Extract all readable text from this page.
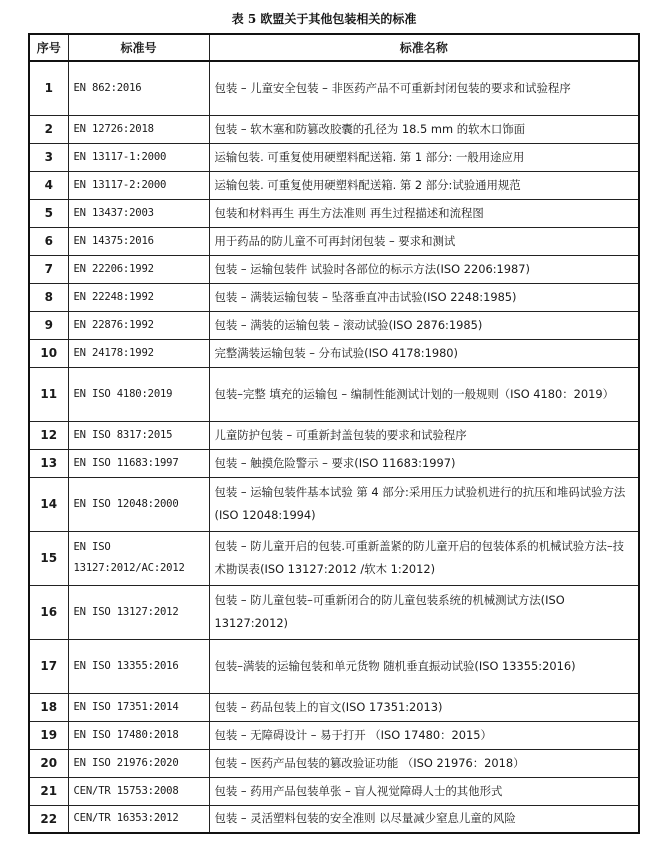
表 5 欧盟关于其他包装相关的标准
序号	标准号	标准名称
1	EN 862:2016	包装 – 儿童安全包装 – 非医药产品不可重新封闭包装的要求和试验程序
2	EN 12726:2018	包装 – 软木塞和防篡改胶囊的孔径为 18.5 mm 的软木口饰面
3	EN 13117-1:2000	运输包装. 可重复使用硬塑料配送箱. 第 1 部分: 一般用途应用
4	EN 13117-2:2000	运输包装. 可重复使用硬塑料配送箱. 第 2 部分:试验通用规范
5	EN 13437:2003	包装和材料再生 再生方法准则 再生过程描述和流程图
6	EN 14375:2016	用于药品的防儿童不可再封闭包装 – 要求和测试
7	EN 22206:1992	包装 – 运输包装件 试验时各部位的标示方法(ISO 2206:1987)
8	EN 22248:1992	包装 – 满装运输包装 – 坠落垂直冲击试验(ISO 2248:1985)
9	EN 22876:1992	包装 – 满装的运输包装 – 滚动试验(ISO 2876:1985)
10	EN 24178:1992	完整满装运输包装 – 分布试验(ISO 4178:1980)
11	EN ISO 4180:2019	包装–完整 填充的运输包 – 编制性能测试计划的一般规则（ISO 4180：2019）
12	EN ISO 8317:2015	儿童防护包装 – 可重新封盖包装的要求和试验程序
13	EN ISO 11683:1997	包装 – 触摸危险警示 – 要求(ISO 11683:1997)
14	EN ISO 12048:2000	包装 – 运输包装件基本试验 第 4 部分:采用压力试验机进行的抗压和堆码试验方法(ISO 12048:1994)
15	EN ISO 13127:2012/AC:2012	包装 – 防儿童开启的包装.可重新盖紧的防儿童开启的包装体系的机械试验方法–技术勘误表(ISO 13127:2012 /软木 1:2012)
16	EN ISO 13127:2012	包装 – 防儿童包装–可重新闭合的防儿童包装系统的机械测试方法(ISO 13127:2012)
17	EN ISO 13355:2016	包装–满装的运输包装和单元货物 随机垂直振动试验(ISO 13355:2016)
18	EN ISO 17351:2014	包装 – 药品包装上的盲文(ISO 17351:2013)
19	EN ISO 17480:2018	包装 – 无障碍设计 – 易于打开 （ISO 17480：2015）
20	EN ISO 21976:2020	包装 – 医药产品包装的篡改验证功能 （ISO 21976：2018）
21	CEN/TR 15753:2008	包装 – 药用产品包装单张 – 盲人视觉障碍人士的其他形式
22	CEN/TR 16353:2012	包装 – 灵活塑料包装的安全准则 以尽量减少窒息儿童的风险
